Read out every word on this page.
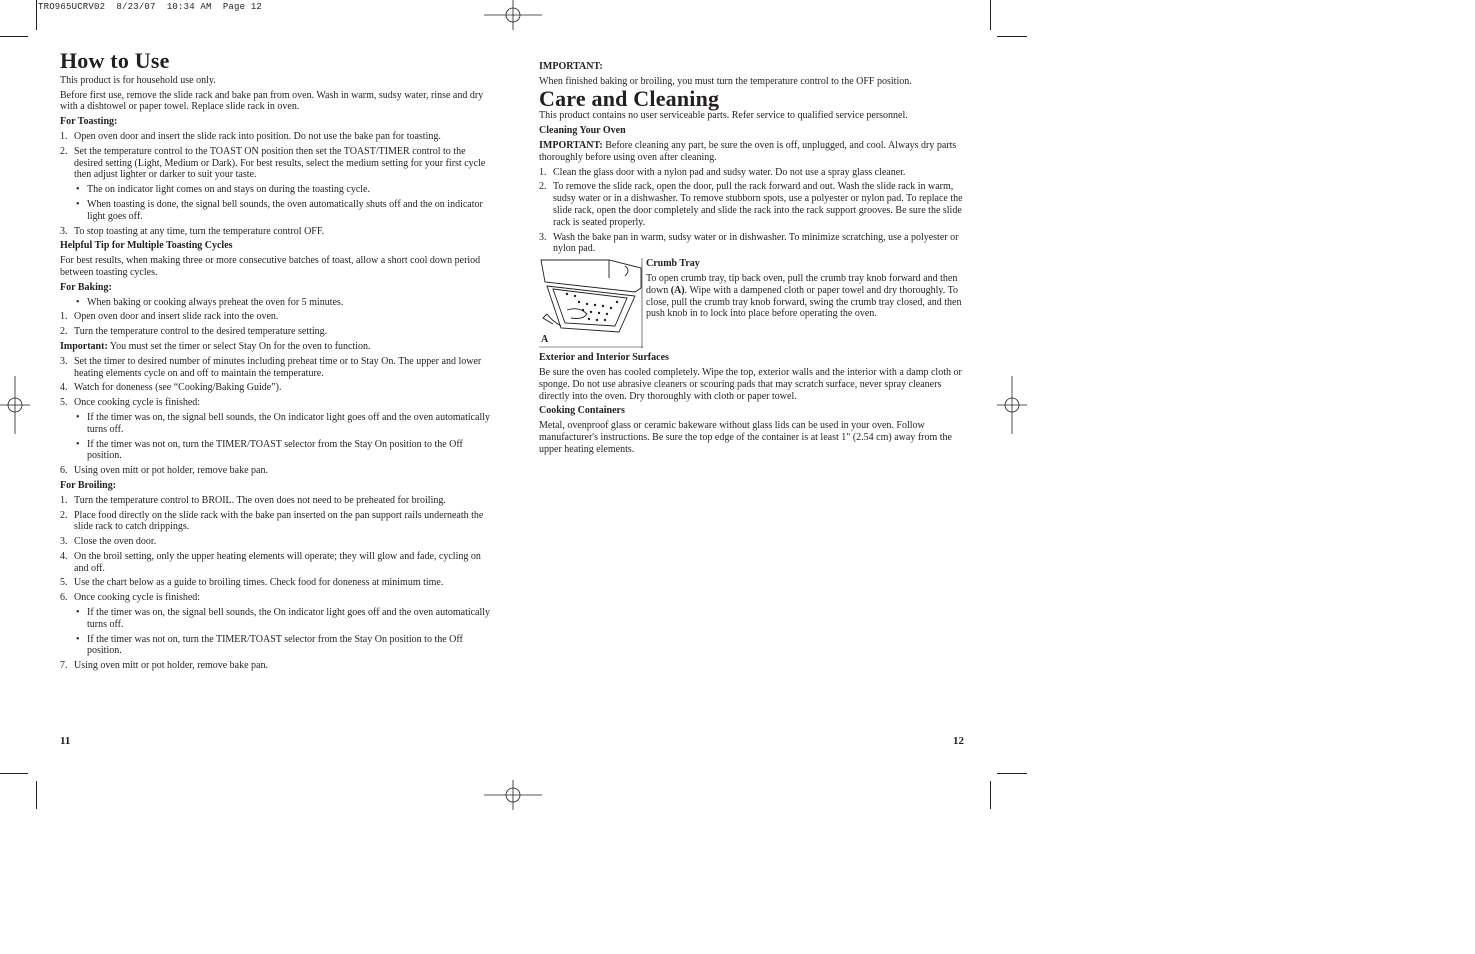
TRO965UCRV02  8/23/07  10:34 AM  Page 12
How to Use

This product is for household use only.

Before first use, remove the slide rack and bake pan from oven. Wash in warm, sudsy water, rinse and dry with a dishtowel or paper towel. Replace slide rack in oven.

For Toasting:
1. Open oven door and insert the slide rack into position. Do not use the bake pan for toasting.
2. Set the temperature control to the TOAST ON position then set the TOAST/TIMER control to the desired setting (Light, Medium or Dark). For best results, select the medium setting for your first cycle then adjust lighter or darker to suit your taste.
• The on indicator light comes on and stays on during the toasting cycle.
• When toasting is done, the signal bell sounds, the oven automatically shuts off and the on indicator light goes off.
3. To stop toasting at any time, turn the temperature control OFF.
Helpful Tip for Multiple Toasting Cycles

For best results, when making three or more consecutive batches of toast, allow a short cool down period between toasting cycles.

For Baking:
• When baking or cooking always preheat the oven for 5 minutes.
1. Open oven door and insert slide rack into the oven.
2. Turn the temperature control to the desired temperature setting.

Important: You must set the timer or select Stay On for the oven to function.

3. Set the timer to desired number of minutes including preheat time or to Stay On. The upper and lower heating elements cycle on and off to maintain the temperature.
4. Watch for doneness (see “Cooking/Baking Guide”).
5. Once cooking cycle is finished:
• If the timer was on, the signal bell sounds, the On indicator light goes off and the oven automatically turns off.
• If the timer was not on, turn the TIMER/TOAST selector from the Stay On position to the Off position.
6. Using oven mitt or pot holder, remove bake pan.
For Broiling:
1. Turn the temperature control to BROIL. The oven does not need to be preheated for broiling.
2. Place food directly on the slide rack with the bake pan inserted on the pan support rails underneath the slide rack to catch drippings.
3. Close the oven door.
4. On the broil setting, only the upper heating elements will operate; they will glow and fade, cycling on and off.
5. Use the chart below as a guide to broiling times. Check food for doneness at minimum time.
6. Once cooking cycle is finished:
• If the timer was on, the signal bell sounds, the On indicator light goes off and the oven automatically turns off.
• If the timer was not on, turn the TIMER/TOAST selector from the Stay On position to the Off position.
7. Using oven mitt or pot holder, remove bake pan.
IMPORTANT:

When finished baking or broiling, you must turn the temperature control to the OFF position.

Care and Cleaning

This product contains no user serviceable parts. Refer service to qualified service personnel.

Cleaning Your Oven

IMPORTANT: Before cleaning any part, be sure the oven is off, unplugged, and cool. Always dry parts thoroughly before using oven after cleaning.

1. Clean the glass door with a nylon pad and sudsy water. Do not use a spray glass cleaner.
2. To remove the slide rack, open the door, pull the rack forward and out. Wash the slide rack in warm, sudsy water or in a dishwasher. To remove stubborn spots, use a polyester or nylon pad. To replace the slide rack, open the door completely and slide the rack into the rack support grooves. Be sure the slide rack is seated properly.
3. Wash the bake pan in warm, sudsy water or in dishwasher. To minimize scratching, use a polyester or nylon pad.
A
Crumb Tray

To open crumb tray, tip back oven, pull the crumb tray knob forward and then down (A). Wipe with a dampened cloth or paper towel and dry thoroughly. To close, pull the crumb tray knob forward, swing the crumb tray closed, and then push knob in to lock into place before operating the oven.

Exterior and Interior Surfaces

Be sure the oven has cooled completely. Wipe the top, exterior walls and the interior with a damp cloth or sponge. Do not use abrasive cleaners or scouring pads that may scratch surface, never spray cleaners directly into the oven. Dry thoroughly with cloth or paper towel.

Cooking Containers

Metal, ovenproof glass or ceramic bakeware without glass lids can be used in your oven. Follow manufacturer's instructions. Be sure the top edge of the container is at least 1" (2.54 cm) away from the upper heating elements.

11	12
